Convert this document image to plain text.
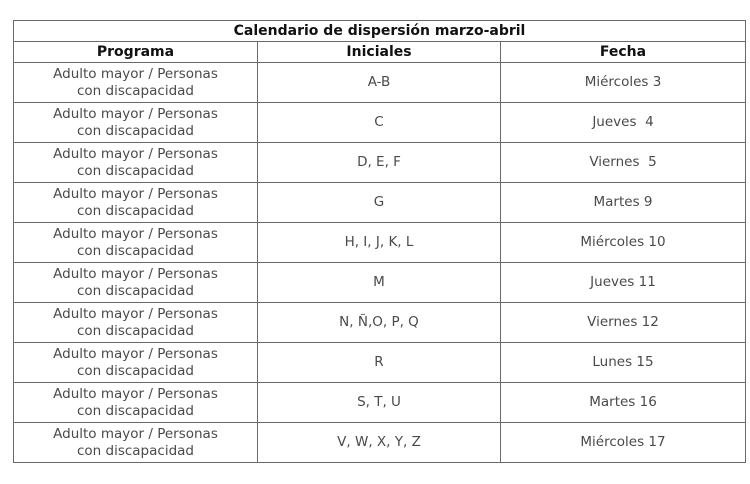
Calendario de dispersión marzo-abril		
Programa	Iniciales	Fecha

Adulto mayor / Personas
con discapacidad	A-B	Miércoles 3

Adulto mayor / Personas
con discapacidad	C	Jueves  4

Adulto mayor / Personas
con discapacidad	D, E, F	Viernes  5

Adulto mayor / Personas
con discapacidad	G	Martes 9

Adulto mayor / Personas
con discapacidad	H, I, J, K, L	Miércoles 10

Adulto mayor / Personas
con discapacidad	M	Jueves 11

Adulto mayor / Personas
con discapacidad	N, Ñ,O, P, Q	Viernes 12

Adulto mayor / Personas
con discapacidad	R	Lunes 15

Adulto mayor / Personas
con discapacidad	S, T, U	Martes 16

Adulto mayor / Personas
con discapacidad	V, W, X, Y, Z	Miércoles 17
